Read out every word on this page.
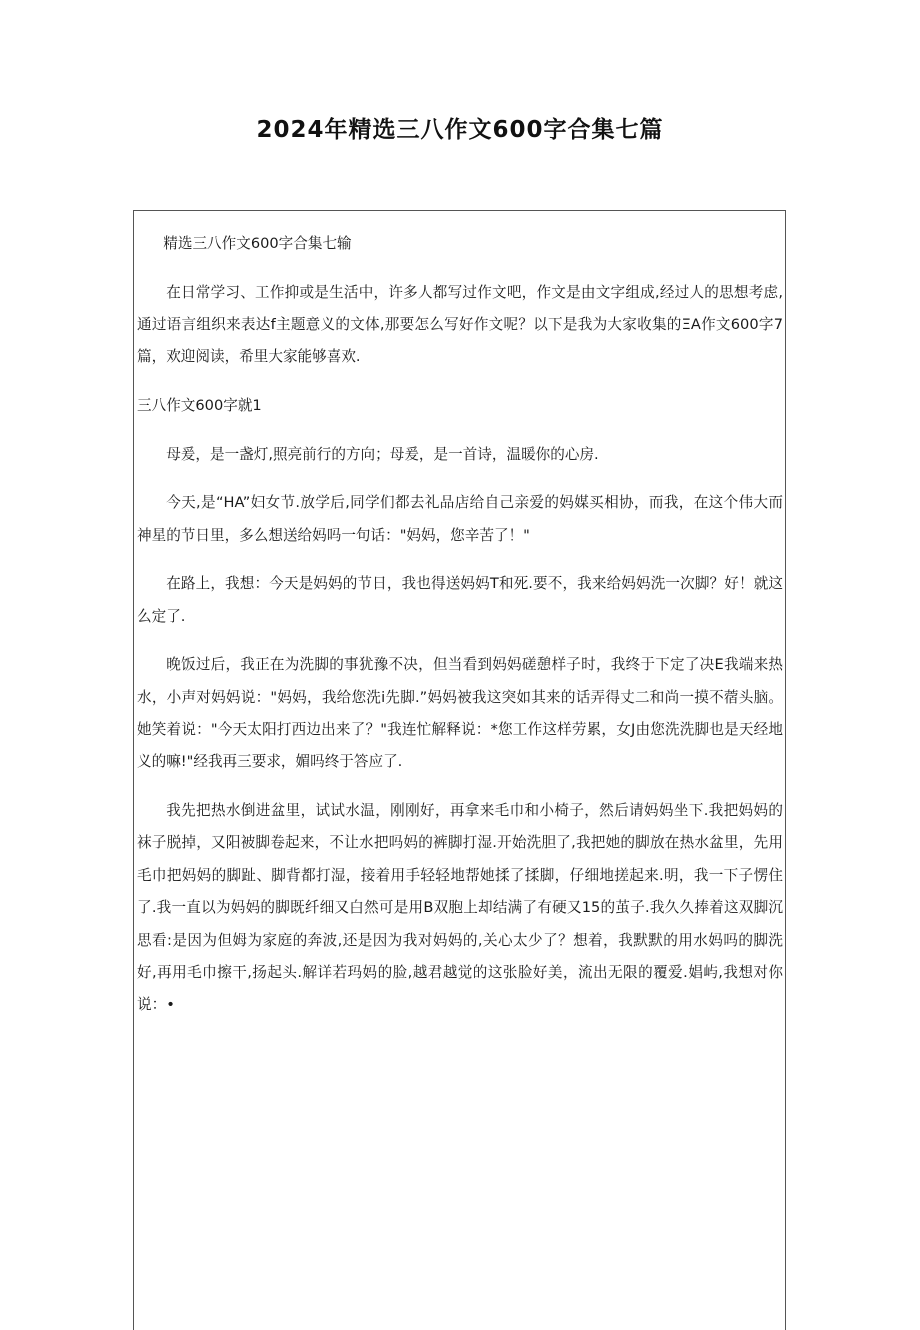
2024年精选三八作文600字合集七篇

精选三八作文600字合集七输

在日常学习、工作抑或是生活中，许多人都写过作文吧，作文是由文字组成,经过人的思想考虑,通过语言组织来表达f主题意义的文体,那要怎么写好作文呢？以下是我为大家收集的ΞA作文600字7篇，欢迎阅读，希里大家能够喜欢.

三八作文600字就1

母爰，是一盏灯,照亮前行的方向；母爰，是一首诗，温暖你的心房.

今天,是“HA”妇女节.放学后,同学们都去礼品店给自己亲爱的妈媒买相协，而我，在这个伟大而神星的节日里，多么想送给妈吗一句话："妈妈，您辛苦了！"

在路上，我想：今天是妈妈的节日，我也得送妈妈T和死.要不，我来给妈妈洗一次脚？好！就这么定了.

晚饭过后，我正在为洗脚的事犹豫不决，但当看到妈妈磋憩样子时，我终于下定了决E我端来热水，小声对妈妈说："妈妈，我给您洗i先脚.”妈妈被我这突如其来的话弄得丈二和尚一摸不蓿头脑。她笑着说："今天太阳打西边出来了？"我连忙解释说：*您工作这样劳累，女J由您洗洗脚也是天经地义的嘛!"经我再三要求，媚吗终于答应了.

我先把热水倒进盆里，试试水温，刚刚好，再拿来毛巾和小椅子，然后请妈妈坐下.我把妈妈的袜子脱掉，又阳被脚卷起来，不让水把吗妈的裤脚打湿.开始洗胆了,我把她的脚放在热水盆里，先用毛巾把妈妈的脚趾、脚背都打湿，接着用手轻轻地帮她揉了揉脚，仔细地搓起来.明，我一下子愣住了.我一直以为妈妈的脚既纤细又白然可是用B双胞上却结满了有硬又15的茧子.我久久捧着这双脚沉思看:是因为但姆为家庭的奔波,还是因为我对妈妈的,关心太少了？想着，我默默的用水妈吗的脚洗好,再用毛巾擦干,扬起头.解详若玛妈的脸,越君越觉的这张脸好美，流出无限的覆爱.娼屿,我想对你说：•
